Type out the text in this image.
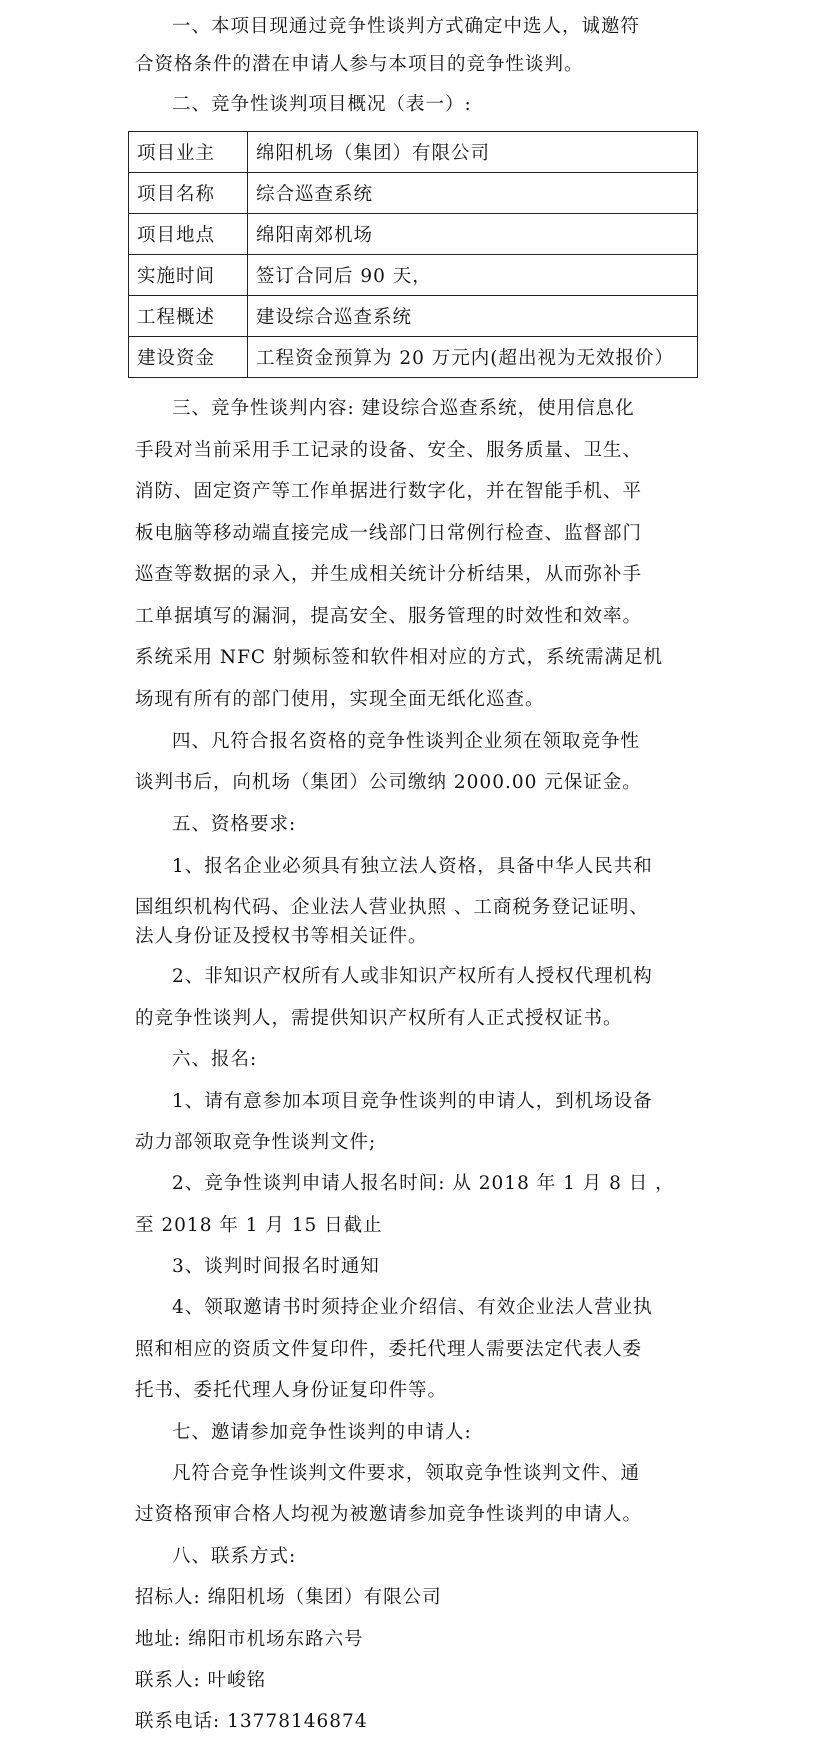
一、本项目现通过竞争性谈判方式确定中选人，诚邀符
合资格条件的潜在申请人参与本项目的竞争性谈判。
二、竞争性谈判项目概况（表一）:
项目业主	绵阳机场（集团）有限公司
项目名称	综合巡查系统
项目地点	绵阳南郊机场
实施时间	签订合同后 90 天，
工程概述	建设综合巡查系统
建设资金	工程资金预算为 20 万元内(超出视为无效报价）
三、竞争性谈判内容: 建设综合巡查系统，使用信息化
手段对当前采用手工记录的设备、安全、服务质量、卫生、
消防、固定资产等工作单据进行数字化，并在智能手机、平
板电脑等移动端直接完成一线部门日常例行检查、监督部门
巡查等数据的录入，并生成相关统计分析结果，从而弥补手
工单据填写的漏洞，提高安全、服务管理的时效性和效率。
系统采用 NFC 射频标签和软件相对应的方式，系统需满足机
场现有所有的部门使用，实现全面无纸化巡查。
四、凡符合报名资格的竞争性谈判企业须在领取竞争性
谈判书后，向机场（集团）公司缴纳 2000.00 元保证金。
五、资格要求:
1、报名企业必须具有独立法人资格，具备中华人民共和
国组织机构代码、企业法人营业执照 、工商税务登记证明、
法人身份证及授权书等相关证件。
2、非知识产权所有人或非知识产权所有人授权代理机构
的竞争性谈判人，需提供知识产权所有人正式授权证书。
六、报名:
1、请有意参加本项目竞争性谈判的申请人，到机场设备
动力部领取竞争性谈判文件;
2、竞争性谈判申请人报名时间: 从 2018 年 1 月 8 日 ，
至 2018 年 1 月 15 日截止
3、谈判时间报名时通知
4、领取邀请书时须持企业介绍信、有效企业法人营业执
照和相应的资质文件复印件，委托代理人需要法定代表人委
托书、委托代理人身份证复印件等。
七、邀请参加竞争性谈判的申请人:
凡符合竞争性谈判文件要求，领取竞争性谈判文件、通
过资格预审合格人均视为被邀请参加竞争性谈判的申请人。
八、联系方式:
招标人: 绵阳机场（集团）有限公司
地址: 绵阳市机场东路六号
联系人: 叶峻铭
联系电话: 13778146874
